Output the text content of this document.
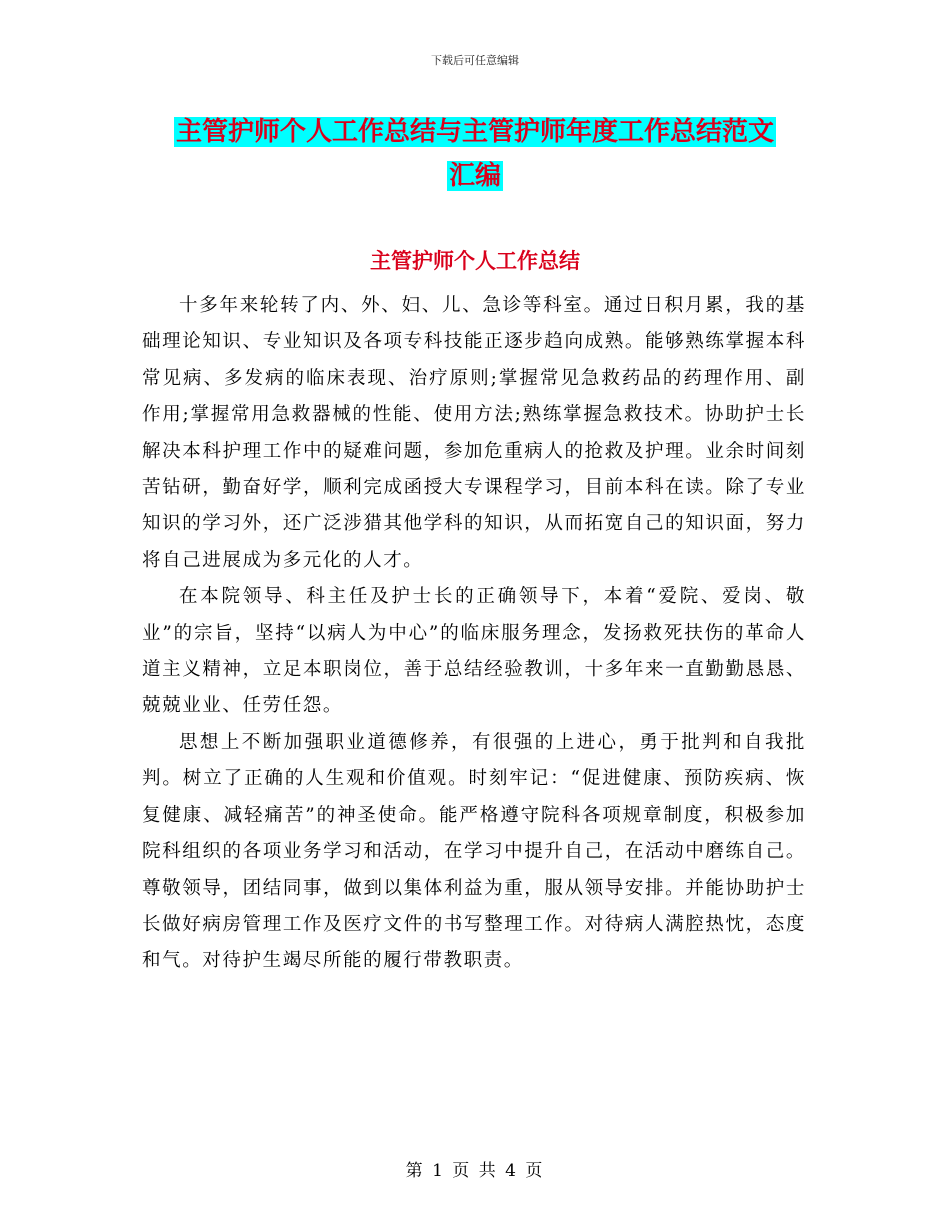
下载后可任意编辑
主管护师个人工作总结与主管护师年度工作总结范文
汇编
主管护师个人工作总结

十多年来轮转了内、外、妇、儿、急诊等科室。通过日积月累，我的基础理论知识、专业知识及各项专科技能正逐步趋向成熟。能够熟练掌握本科常见病、多发病的临床表现、治疗原则;掌握常见急救药品的药理作用、副作用;掌握常用急救器械的性能、使用方法;熟练掌握急救技术。协助护士长解决本科护理工作中的疑难问题，参加危重病人的抢救及护理。业余时间刻苦钻研，勤奋好学，顺利完成函授大专课程学习，目前本科在读。除了专业知识的学习外，还广泛涉猎其他学科的知识，从而拓宽自己的知识面，努力将自己进展成为多元化的人才。

在本院领导、科主任及护士长的正确领导下，本着“爱院、爱岗、敬业”的宗旨，坚持“以病人为中心”的临床服务理念，发扬救死扶伤的革命人道主义精神，立足本职岗位，善于总结经验教训，十多年来一直勤勤恳恳、兢兢业业、任劳任怨。

思想上不断加强职业道德修养，有很强的上进心，勇于批判和自我批判。树立了正确的人生观和价值观。时刻牢记：“促进健康、预防疾病、恢复健康、减轻痛苦”的神圣使命。能严格遵守院科各项规章制度，积极参加院科组织的各项业务学习和活动，在学习中提升自己，在活动中磨练自己。尊敬领导，团结同事，做到以集体利益为重，服从领导安排。并能协助护士长做好病房管理工作及医疗文件的书写整理工作。对待病人满腔热忱，态度和气。对待护生竭尽所能的履行带教职责。

第 1 页 共 4 页
